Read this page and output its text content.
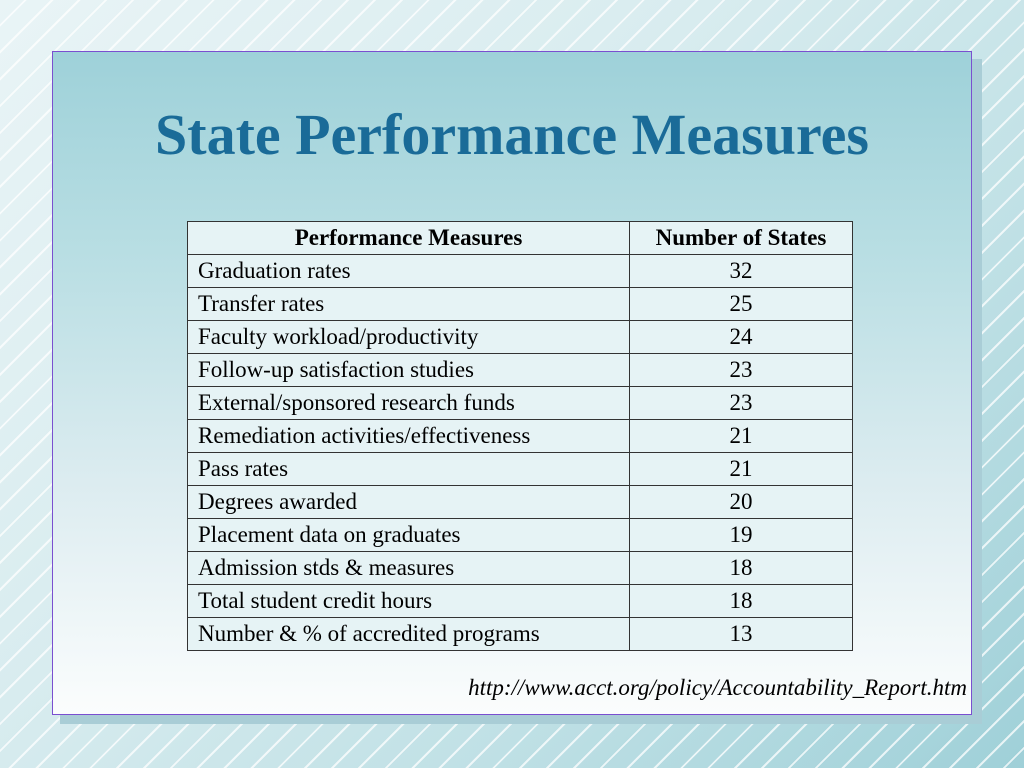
State Performance Measures
Performance Measures	Number of States
Graduation rates	32
Transfer rates	25
Faculty workload/productivity	24
Follow-up satisfaction studies	23
External/sponsored research funds	23
Remediation activities/effectiveness	21
Pass rates	21
Degrees awarded	20
Placement data on graduates	19
Admission stds & measures	18
Total student credit hours	18
Number & % of accredited programs	13
http://www.acct.org/policy/Accountability_Report.htm
